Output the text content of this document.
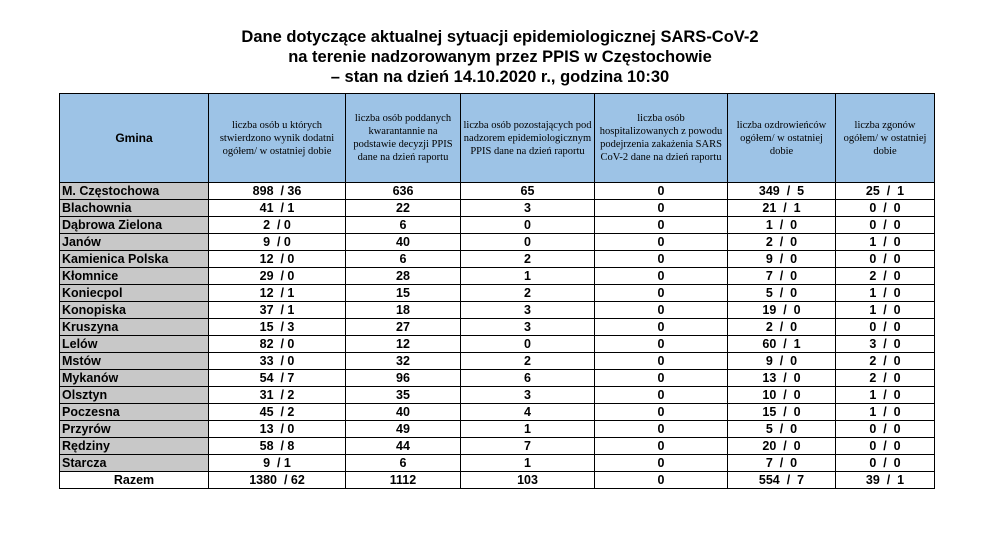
Dane dotyczące aktualnej sytuacji epidemiologicznej SARS-CoV-2
na terenie nadzorowanym przez PPIS w Częstochowie
– stan na dzień 14.10.2020 r., godzina 10:30
Gmina	liczba osób u których stwierdzono wynik dodatni ogółem/ w ostatniej dobie	liczba osób poddanych kwarantannie na podstawie decyzji PPIS dane na dzień raportu	liczba osób pozostających pod nadzorem epidemiologicznym PPIS dane na dzień raportu	liczba osób hospitalizowanych z powodu podejrzenia zakażenia SARS CoV-2 dane na dzień raportu	liczba ozdrowieńców ogółem/ w ostatniej dobie	liczba zgonów ogółem/ w ostatniej dobie
M. Częstochowa	898  / 36	636	65	0	349  /  5	25  /  1
Blachownia	41  / 1	22	3	0	21  /  1	0  /  0
Dąbrowa Zielona	2  / 0	6	0	0	1  /  0	0  /  0
Janów	9  / 0	40	0	0	2  /  0	1  /  0
Kamienica Polska	12  / 0	6	2	0	9  /  0	0  /  0
Kłomnice	29  / 0	28	1	0	7  /  0	2  /  0
Koniecpol	12  / 1	15	2	0	5  /  0	1  /  0
Konopiska	37  / 1	18	3	0	19  /  0	1  /  0
Kruszyna	15  / 3	27	3	0	2  /  0	0  /  0
Lelów	82  / 0	12	0	0	60  /  1	3  /  0
Mstów	33  / 0	32	2	0	9  /  0	2  /  0
Mykanów	54  / 7	96	6	0	13  /  0	2  /  0
Olsztyn	31  / 2	35	3	0	10  /  0	1  /  0
Poczesna	45  / 2	40	4	0	15  /  0	1  /  0
Przyrów	13  / 0	49	1	0	5  /  0	0  /  0
Rędziny	58  / 8	44	7	0	20  /  0	0  /  0
Starcza	9  / 1	6	1	0	7  /  0	0  /  0
Razem	1380  / 62	1112	103	0	554  /  7	39  /  1
